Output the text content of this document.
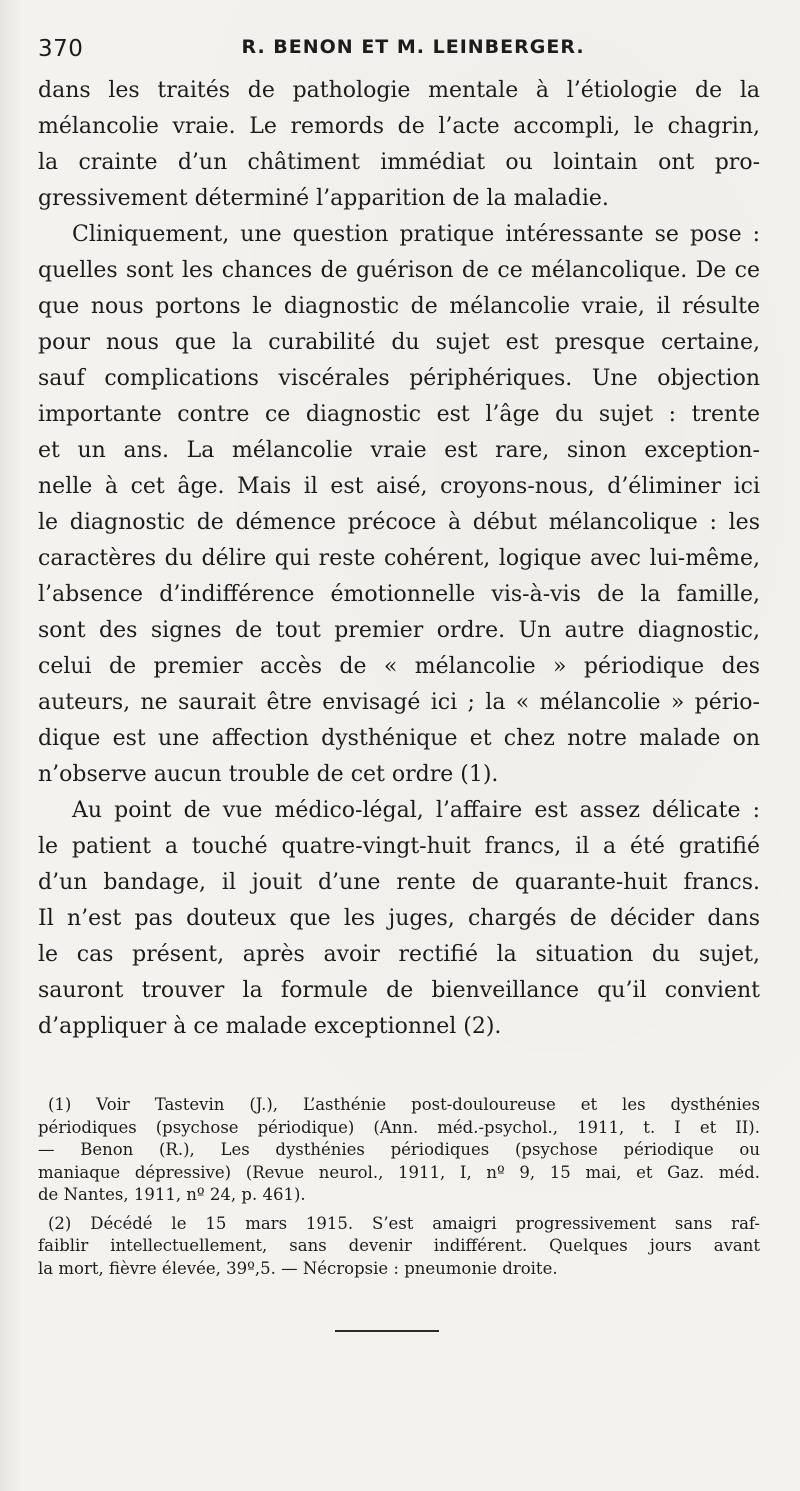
370	R. BENON ET M. LEINBERGER.
dans les traités de pathologie mentale à l’étiologie de la
mélancolie vraie. Le remords de l’acte accompli, le chagrin,
la crainte d’un châtiment immédiat ou lointain ont pro-
gressivement déterminé l’apparition de la maladie.
Cliniquement, une question pratique intéressante se pose :
quelles sont les chances de guérison de ce mélancolique. De ce
que nous portons le diagnostic de mélancolie vraie, il résulte
pour nous que la curabilité du sujet est presque certaine,
sauf complications viscérales périphériques. Une objection
importante contre ce diagnostic est l’âge du sujet : trente
et un ans. La mélancolie vraie est rare, sinon exception-
nelle à cet âge. Mais il est aisé, croyons-nous, d’éliminer ici
le diagnostic de démence précoce à début mélancolique : les
caractères du délire qui reste cohérent, logique avec lui-même,
l’absence d’indifférence émotionnelle vis-à-vis de la famille,
sont des signes de tout premier ordre. Un autre diagnostic,
celui de premier accès de « mélancolie » périodique des
auteurs, ne saurait être envisagé ici ; la « mélancolie » pério-
dique est une affection dysthénique et chez notre malade on
n’observe aucun trouble de cet ordre (1).
Au point de vue médico-légal, l’affaire est assez délicate :
le patient a touché quatre-vingt-huit francs, il a été gratifié
d’un bandage, il jouit d’une rente de quarante-huit francs.
Il n’est pas douteux que les juges, chargés de décider dans
le cas présent, après avoir rectifié la situation du sujet,
sauront trouver la formule de bienveillance qu’il convient
d’appliquer à ce malade exceptionnel (2).
(1) Voir Tastevin (J.), L’asthénie post-douloureuse et les dysthénies
périodiques (psychose périodique) (Ann. méd.-psychol., 1911, t. I et II).
— Benon (R.), Les dysthénies périodiques (psychose périodique ou
maniaque dépressive) (Revue neurol., 1911, I, nº 9, 15 mai, et Gaz. méd.
de Nantes, 1911, nº 24, p. 461).
(2) Décédé le 15 mars 1915. S’est amaigri progressivement sans raf-
faiblir intellectuellement, sans devenir indifférent. Quelques jours avant
la mort, fièvre élevée, 39º,5. — Nécropsie : pneumonie droite.
